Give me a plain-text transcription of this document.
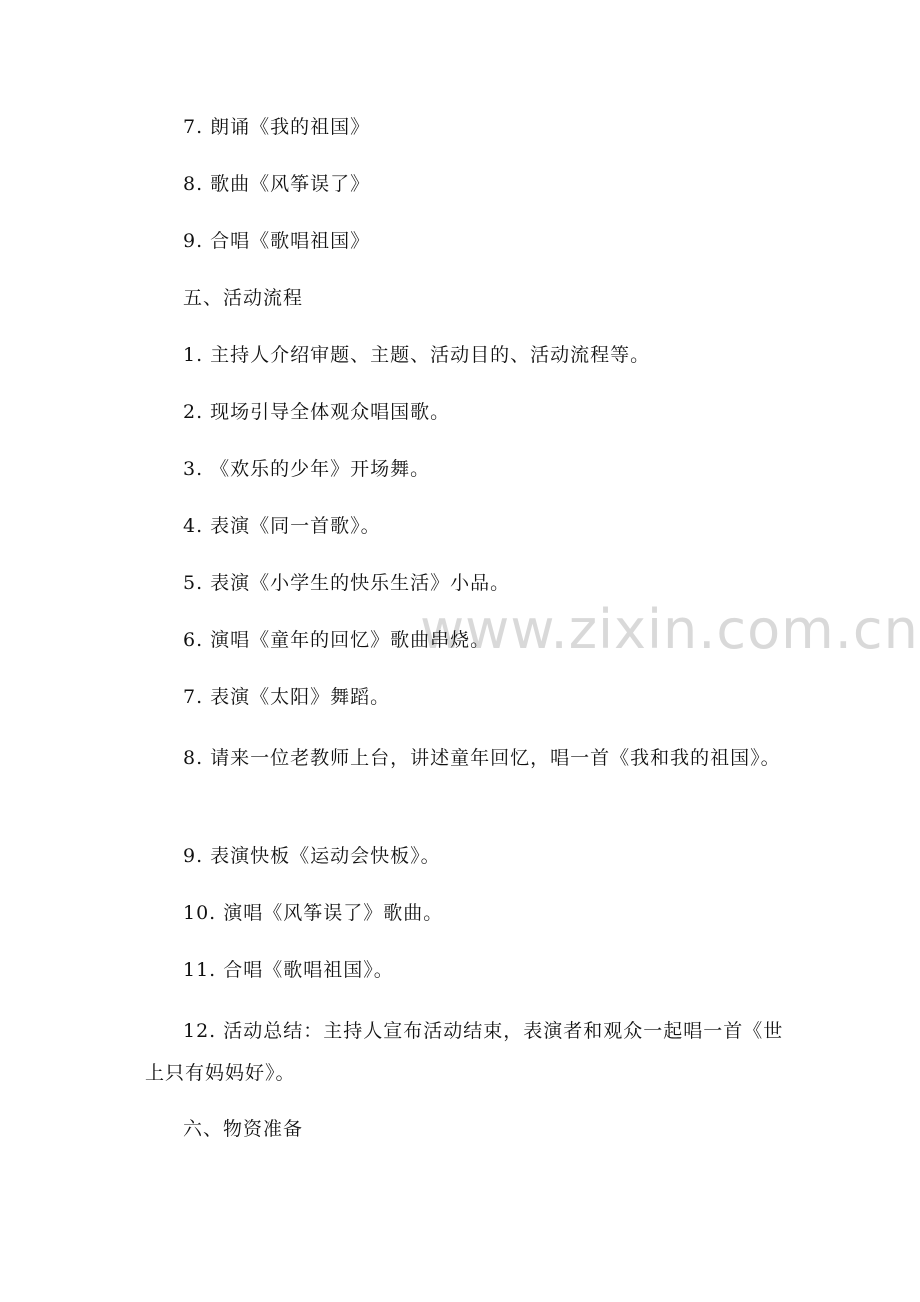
www.zixin.com.cn

7. 朗诵《我的祖国》

8. 歌曲《风筝误了》

9. 合唱《歌唱祖国》

五、活动流程

1. 主持人介绍审题、主题、活动目的、活动流程等。

2. 现场引导全体观众唱国歌。

3. 《欢乐的少年》开场舞。

4. 表演《同一首歌》。

5. 表演《小学生的快乐生活》小品。

6. 演唱《童年的回忆》歌曲串烧。

7. 表演《太阳》舞蹈。

8. 请来一位老教师上台，讲述童年回忆，唱一首《我和我的祖国》。

9. 表演快板《运动会快板》。

10. 演唱《风筝误了》歌曲。

11. 合唱《歌唱祖国》。

12. 活动总结：主持人宣布活动结束，表演者和观众一起唱一首《世上只有妈妈好》。

六、物资准备
